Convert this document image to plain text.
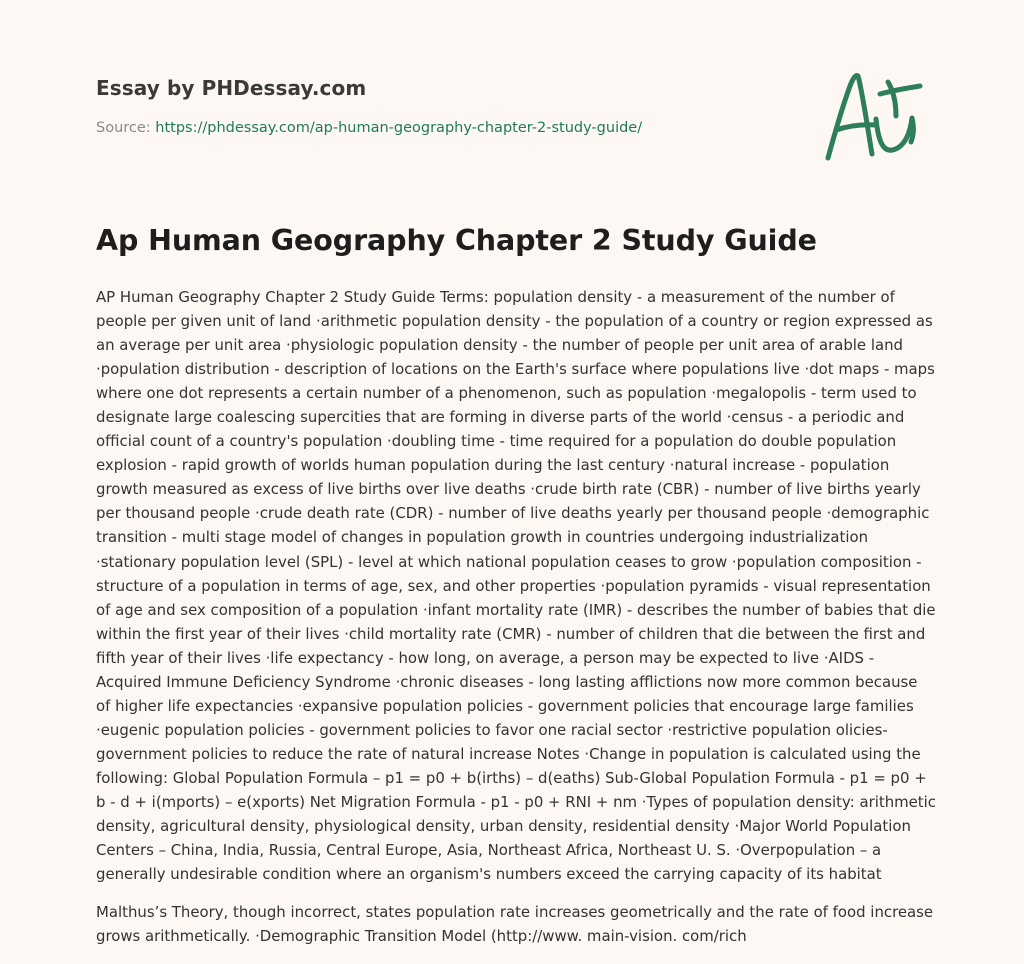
Essay by PHDessay.com

Source: https://phdessay.com/ap-human-geography-chapter-2-study-guide/
Ap Human Geography Chapter 2 Study Guide

AP Human Geography Chapter 2 Study Guide Terms: population density - a measurement of the number of people per given unit of land ·arithmetic population density - the population of a country or region expressed as an average per unit area ·physiologic population density - the number of people per unit area of arable land ·population distribution - description of locations on the Earth's surface where populations live ·dot maps - maps where one dot represents a certain number of a phenomenon, such as population ·megalopolis - term used to designate large coalescing supercities that are forming in diverse parts of the world ·census - a periodic and official count of a country's population ·doubling time - time required for a population do double population explosion - rapid growth of worlds human population during the last century ·natural increase - population growth measured as excess of live births over live deaths ·crude birth rate (CBR) - number of live births yearly per thousand people ·crude death rate (CDR) - number of live deaths yearly per thousand people ·demographic transition - multi stage model of changes in population growth in countries undergoing industrialization ·stationary population level (SPL) - level at which national population ceases to grow ·population composition - structure of a population in terms of age, sex, and other properties ·population pyramids - visual representation of age and sex composition of a population ·infant mortality rate (IMR) - describes the number of babies that die within the first year of their lives ·child mortality rate (CMR) - number of children that die between the first and fifth year of their lives ·life expectancy - how long, on average, a person may be expected to live ·AIDS - Acquired Immune Deficiency Syndrome ·chronic diseases - long lasting afflictions now more common because of higher life expectancies ·expansive population policies - government policies that encourage large families ·eugenic population policies - government policies to favor one racial sector ·restrictive population olicies- government policies to reduce the rate of natural increase Notes ·Change in population is calculated using the following: Global Population Formula – p1 = p0 + b(irths) – d(eaths) Sub-Global Population Formula - p1 = p0 + b - d + i(mports) – e(xports) Net Migration Formula - p1 - p0 + RNI + nm ·Types of population density: arithmetic density, agricultural density, physiological density, urban density, residential density ·Major World Population Centers – China, India, Russia, Central Europe, Asia, Northeast Africa, Northeast U. S. ·Overpopulation – a generally undesirable condition where an organism's numbers exceed the carrying capacity of its habitat

Malthus’s Theory, though incorrect, states population rate increases geometrically and the rate of food increase grows arithmetically. ·Demographic Transition Model (http://www. main-vision. com/rich
